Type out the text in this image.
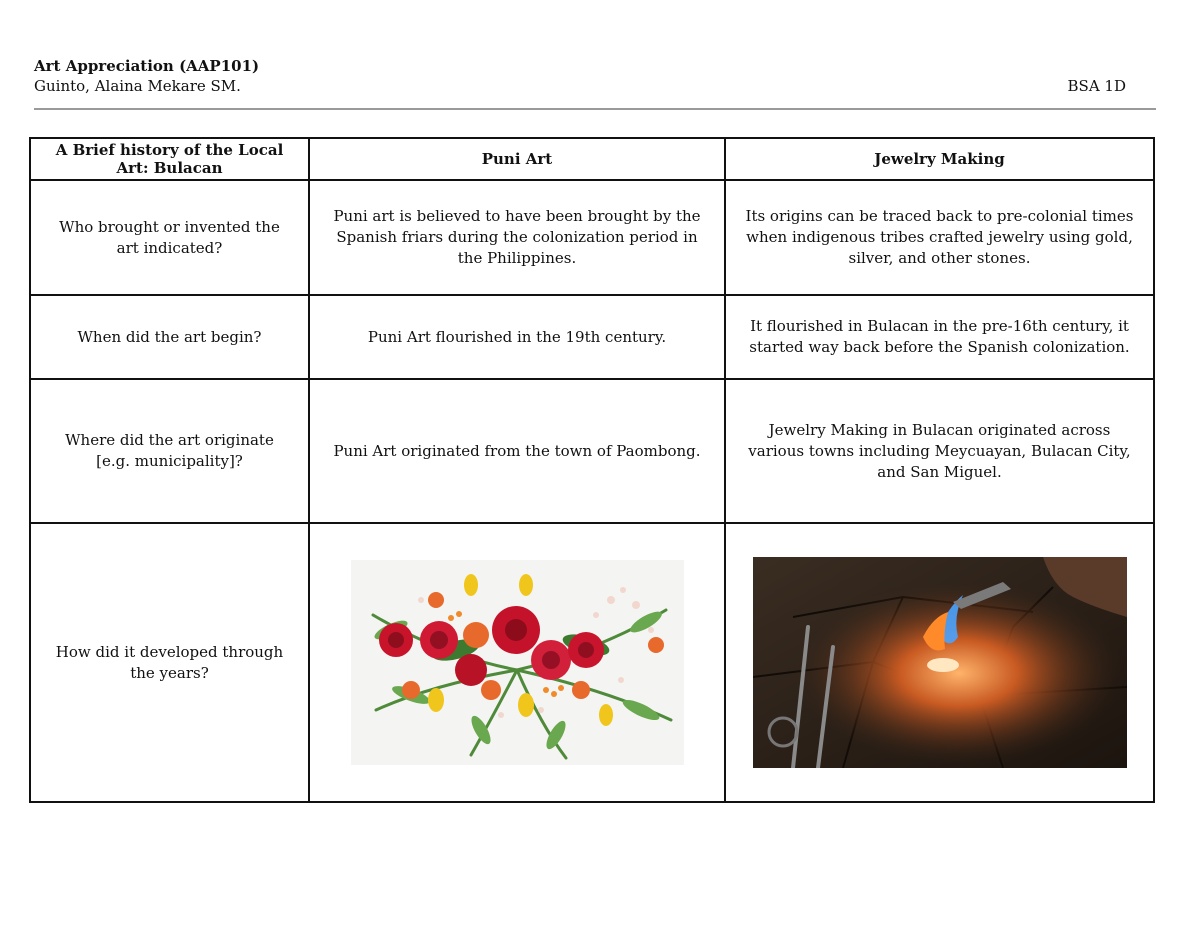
Art Appreciation (AAP101)
Guinto, Alaina Mekare SM.	BSA 1D
A Brief history of the Local Art: Bulacan	Puni Art	Jewelry Making
Who brought or invented the art indicated?	Puni art is believed to have been brought by the Spanish friars during the colonization period in the Philippines.	Its origins can be traced back to pre-colonial times when indigenous tribes crafted jewelry using gold, silver, and other stones.
When did the art begin?	Puni Art flourished in the 19th century.	It flourished in Bulacan in the pre-16th century, it started way back before the Spanish colonization.
Where did the art originate [e.g. municipality]?	Puni Art originated from the town of Paombong.	Jewelry Making in Bulacan originated across various towns including Meycuayan, Bulacan City, and San Miguel.
How did it developed through the years?	
